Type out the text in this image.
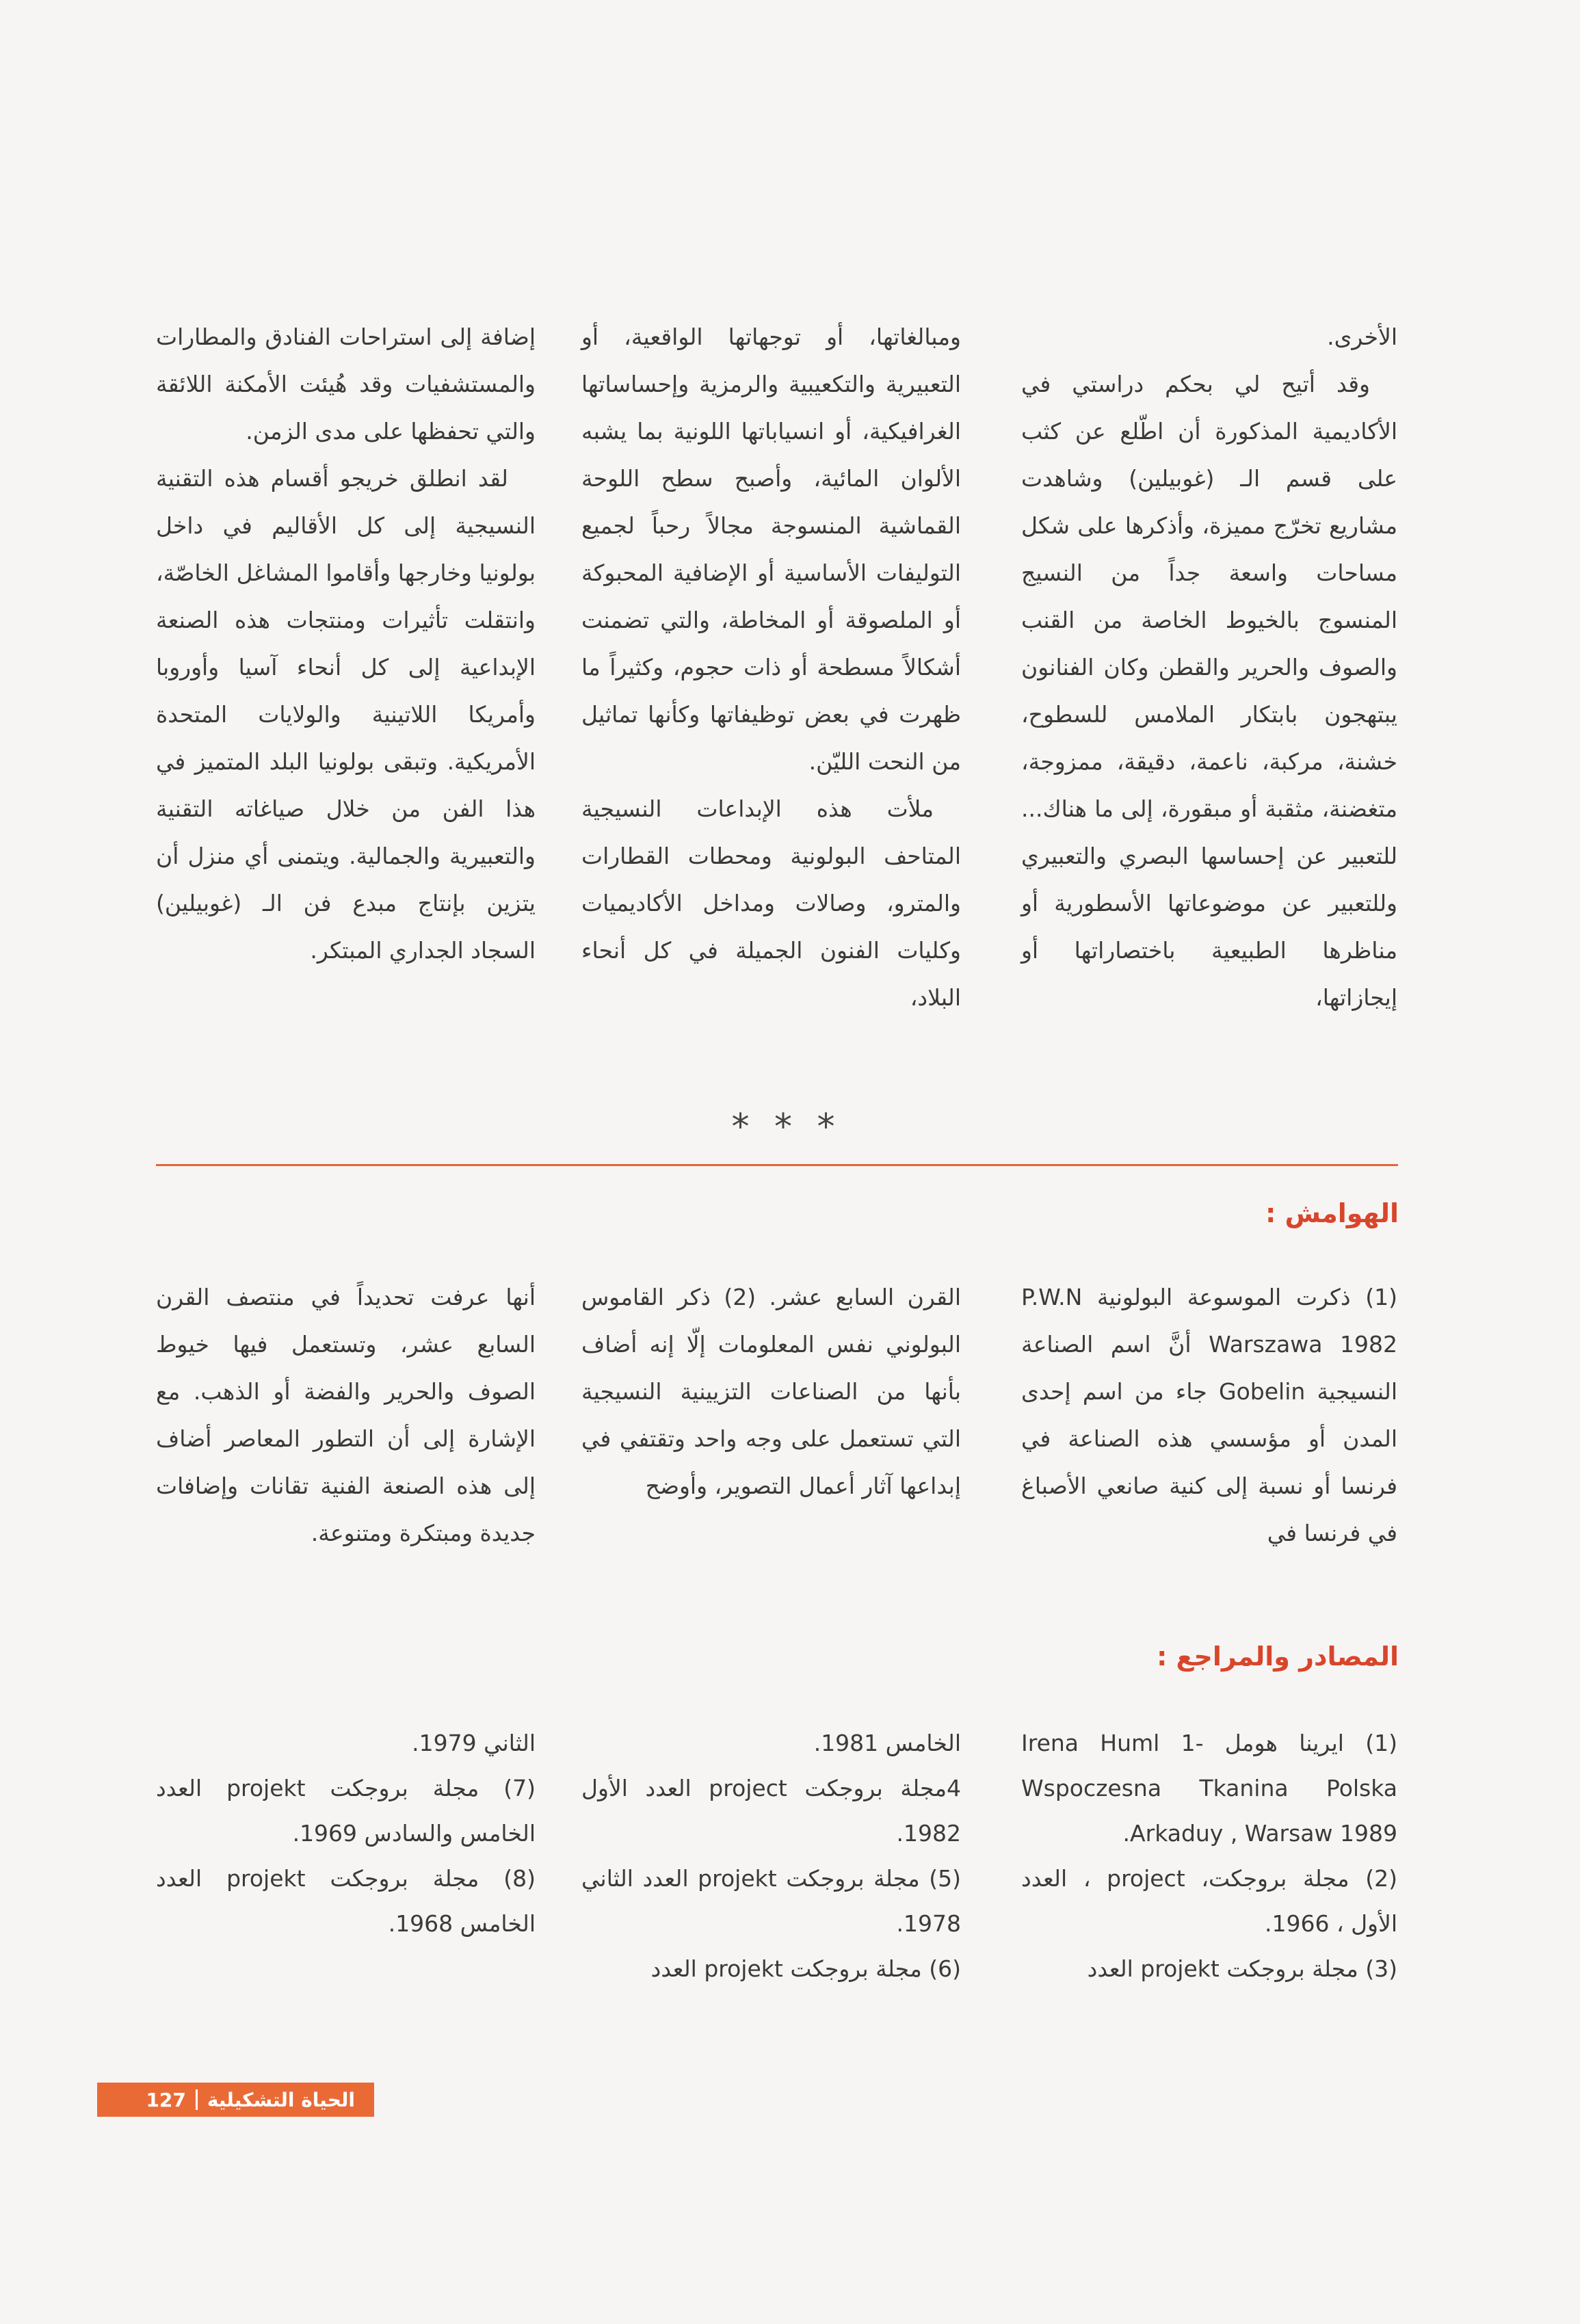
الأخرى.

وقد أتيح لي بحكم دراستي في الأكاديمية المذكورة أن اطّلع عن كثب على قسم الـ (غوبيلين) وشاهدت مشاريع تخرّج مميزة، وأذكرها على شكل مساحات واسعة جداً من النسيج المنسوج بالخيوط الخاصة من القنب والصوف والحرير والقطن وكان الفنانون يبتهجون بابتكار الملامس للسطوح، خشنة، مركبة، ناعمة، دقيقة، ممزوجة، متغضنة، مثقبة أو مبقورة، إلى ما هناك... للتعبير عن إحساسها البصري والتعبيري وللتعبير عن موضوعاتها الأسطورية أو مناظرها الطبيعية باختصاراتها أو إيجازاتها،

ومبالغاتها، أو توجهاتها الواقعية، أو التعبيرية والتكعيبية والرمزية وإحساساتها الغرافيكية، أو انسياباتها اللونية بما يشبه الألوان المائية، وأصبح سطح اللوحة القماشية المنسوجة مجالاً رحباً لجميع التوليفات الأساسية أو الإضافية المحبوكة أو الملصوقة أو المخاطة، والتي تضمنت أشكالاً مسطحة أو ذات حجوم، وكثيراً ما ظهرت في بعض توظيفاتها وكأنها تماثيل من النحت الليّن.

ملأت هذه الإبداعات النسيجية المتاحف البولونية ومحطات القطارات والمترو، وصالات ومداخل الأكاديميات وكليات الفنون الجميلة في كل أنحاء البلاد،

إضافة إلى استراحات الفنادق والمطارات والمستشفيات وقد هُيئت الأمكنة اللائقة والتي تحفظها على مدى الزمن.

لقد انطلق خريجو أقسام هذه التقنية النسيجية إلى كل الأقاليم في داخل بولونيا وخارجها وأقاموا المشاغل الخاصّة، وانتقلت تأثيرات ومنتجات هذه الصنعة الإبداعية إلى كل أنحاء آسيا وأوروبا وأمريكا اللاتينية والولايات المتحدة الأمريكية. وتبقى بولونيا البلد المتميز في هذا الفن من خلال صياغاته التقنية والتعبيرية والجمالية. ويتمنى أي منزل أن يتزين بإنتاج مبدع فن الـ (غوبيلين) السجاد الجداري المبتكر.

* * *
الهوامش :

(1) ذكرت الموسوعة البولونية P.W.N Warszawa 1982 أنَّ اسم الصناعة النسيجية Gobelin جاء من اسم إحدى المدن أو مؤسسي هذه الصناعة في فرنسا أو نسبة إلى كنية صانعي الأصباغ في فرنسا في

القرن السابع عشر. (2) ذكر القاموس البولوني نفس المعلومات إلّا إنه أضاف بأنها من الصناعات التزيينية النسيجية التي تستعمل على وجه واحد وتقتفي في إبداعها آثار أعمال التصوير، وأوضح

أنها عرفت تحديداً في منتصف القرن السابع عشر، وتستعمل فيها خيوط الصوف والحرير والفضة أو الذهب. مع الإشارة إلى أن التطور المعاصر أضاف إلى هذه الصنعة الفنية تقانات وإضافات جديدة ومبتكرة ومتنوعة.

المصادر والمراجع :

(1) ايرينا هومل -1 Irena Huml Wspoczesna Tkanina Polska Arkaduy , Warsaw 1989.

(2) مجلة بروجكت، project ، العدد الأول ، 1966.

(3) مجلة بروجكت projekt العدد

الخامس 1981.

4مجلة بروجكت project العدد الأول 1982.

(5) مجلة بروجكت projekt العدد الثاني 1978.

(6) مجلة بروجكت projekt العدد

الثاني 1979.

(7) مجلة بروجكت projekt العدد الخامس والسادس 1969.

(8) مجلة بروجكت projekt العدد الخامس 1968.

الحياة التشكيلية
127
